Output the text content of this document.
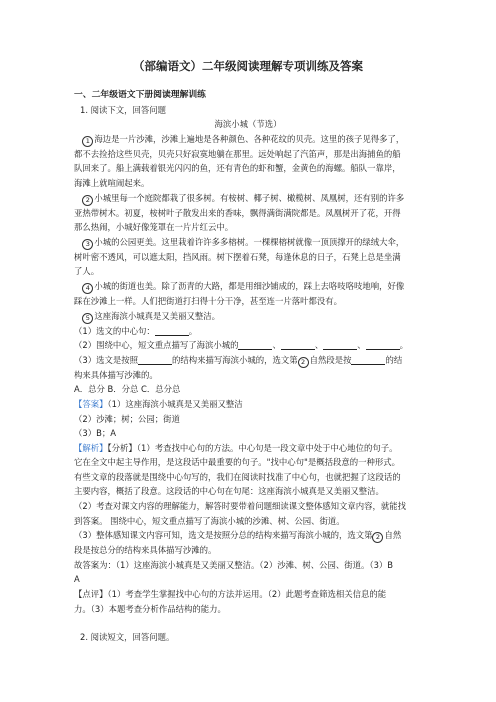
（部编语文）二年级阅读理解专项训练及答案

一、二年级语文下册阅读理解训练

1. 阅读下文，回答问题

海滨小城（节选）

 1 海边是一片沙滩，沙滩上遍地是各种颜色、各种花纹的贝壳。这里的孩子见得多了，

都不去捡拾这些贝壳，贝壳只好寂寞地躺在那里。远处响起了汽笛声，那是出海捕鱼的船

队回来了。船上满载着银光闪闪的鱼，还有青色的虾和蟹，金黄色的海螺。船队一靠岸，

海滩上就喧闹起来。

 2 小城里每一个庭院都栽了很多树。有桉树、椰子树、橄榄树、凤凰树，还有别的许多

亚热带树木。初夏，桉树叶子散发出来的香味，飘得满街满院都是。凤凰树开了花，开得

那么热闹，小城好像笼罩在一片片红云中。

 3 小城的公园更美。这里栽着许许多多榕树。一棵棵榕树就像一顶顶撑开的绿绒大伞，

树叶密不透风，可以遮太阳，挡风雨。树下摆着石凳，每逢休息的日子，石凳上总是坐满

了人。

 4 小城的街道也美。除了沥青的大路，都是用细沙铺成的，踩上去咯吱咯吱地响，好像

踩在沙滩上一样。人们把街道打扫得十分干净，甚至连一片落叶都没有。

 5 这座海滨小城真是又美丽又整洁。

（1）选文的中心句：	。

（2）围绕中心，短文重点描写了海滨小城的	、	、	、	。

（3）选文是按照	的结构来描写海滨小城的，选文第 2 自然段是按	的结

构来具体描写沙滩的。

A．总分 B．分总 C．总分总

【答案】（1）这座海滨小城真是又美丽又整洁

（2）沙滩；树；公园；街道

（3）B；A

【解析】【分析】（1）考查找中心句的方法。中心句是一段文章中处于中心地位的句子。

它在全文中起主导作用，是这段话中最重要的句子。"找中心句"是概括段意的一种形式。

有些文章的段落就是围绕中心句写的，我们在阅读时找准了中心句，也就把握了这段话的

主要内容，概括了段意。这段话的中心句在句尾：这座海滨小城真是又美丽又整洁。

（2）考查对课文内容的理解能力，解答时要带着问题细读课文整体感知文章内容，就能找

到答案。 围绕中心，短文重点描写了海滨小城的沙滩、树、公园、街道。

（3）整体感知课文内容可知，选文是按照分总的结构来描写海滨小城的，选文第 2 自然

段是按总分的结构来具体描写沙滩的。

故答案为：（1）这座海滨小城真是又美丽又整洁。（2）沙滩、树、公园、街道。（3）B

A

【点评】（1）考查学生掌握找中心句的方法并运用。（2）此题考查筛选相关信息的能

力。（3）本题考查分析作品结构的能力。

2. 阅读短文，回答问题。
